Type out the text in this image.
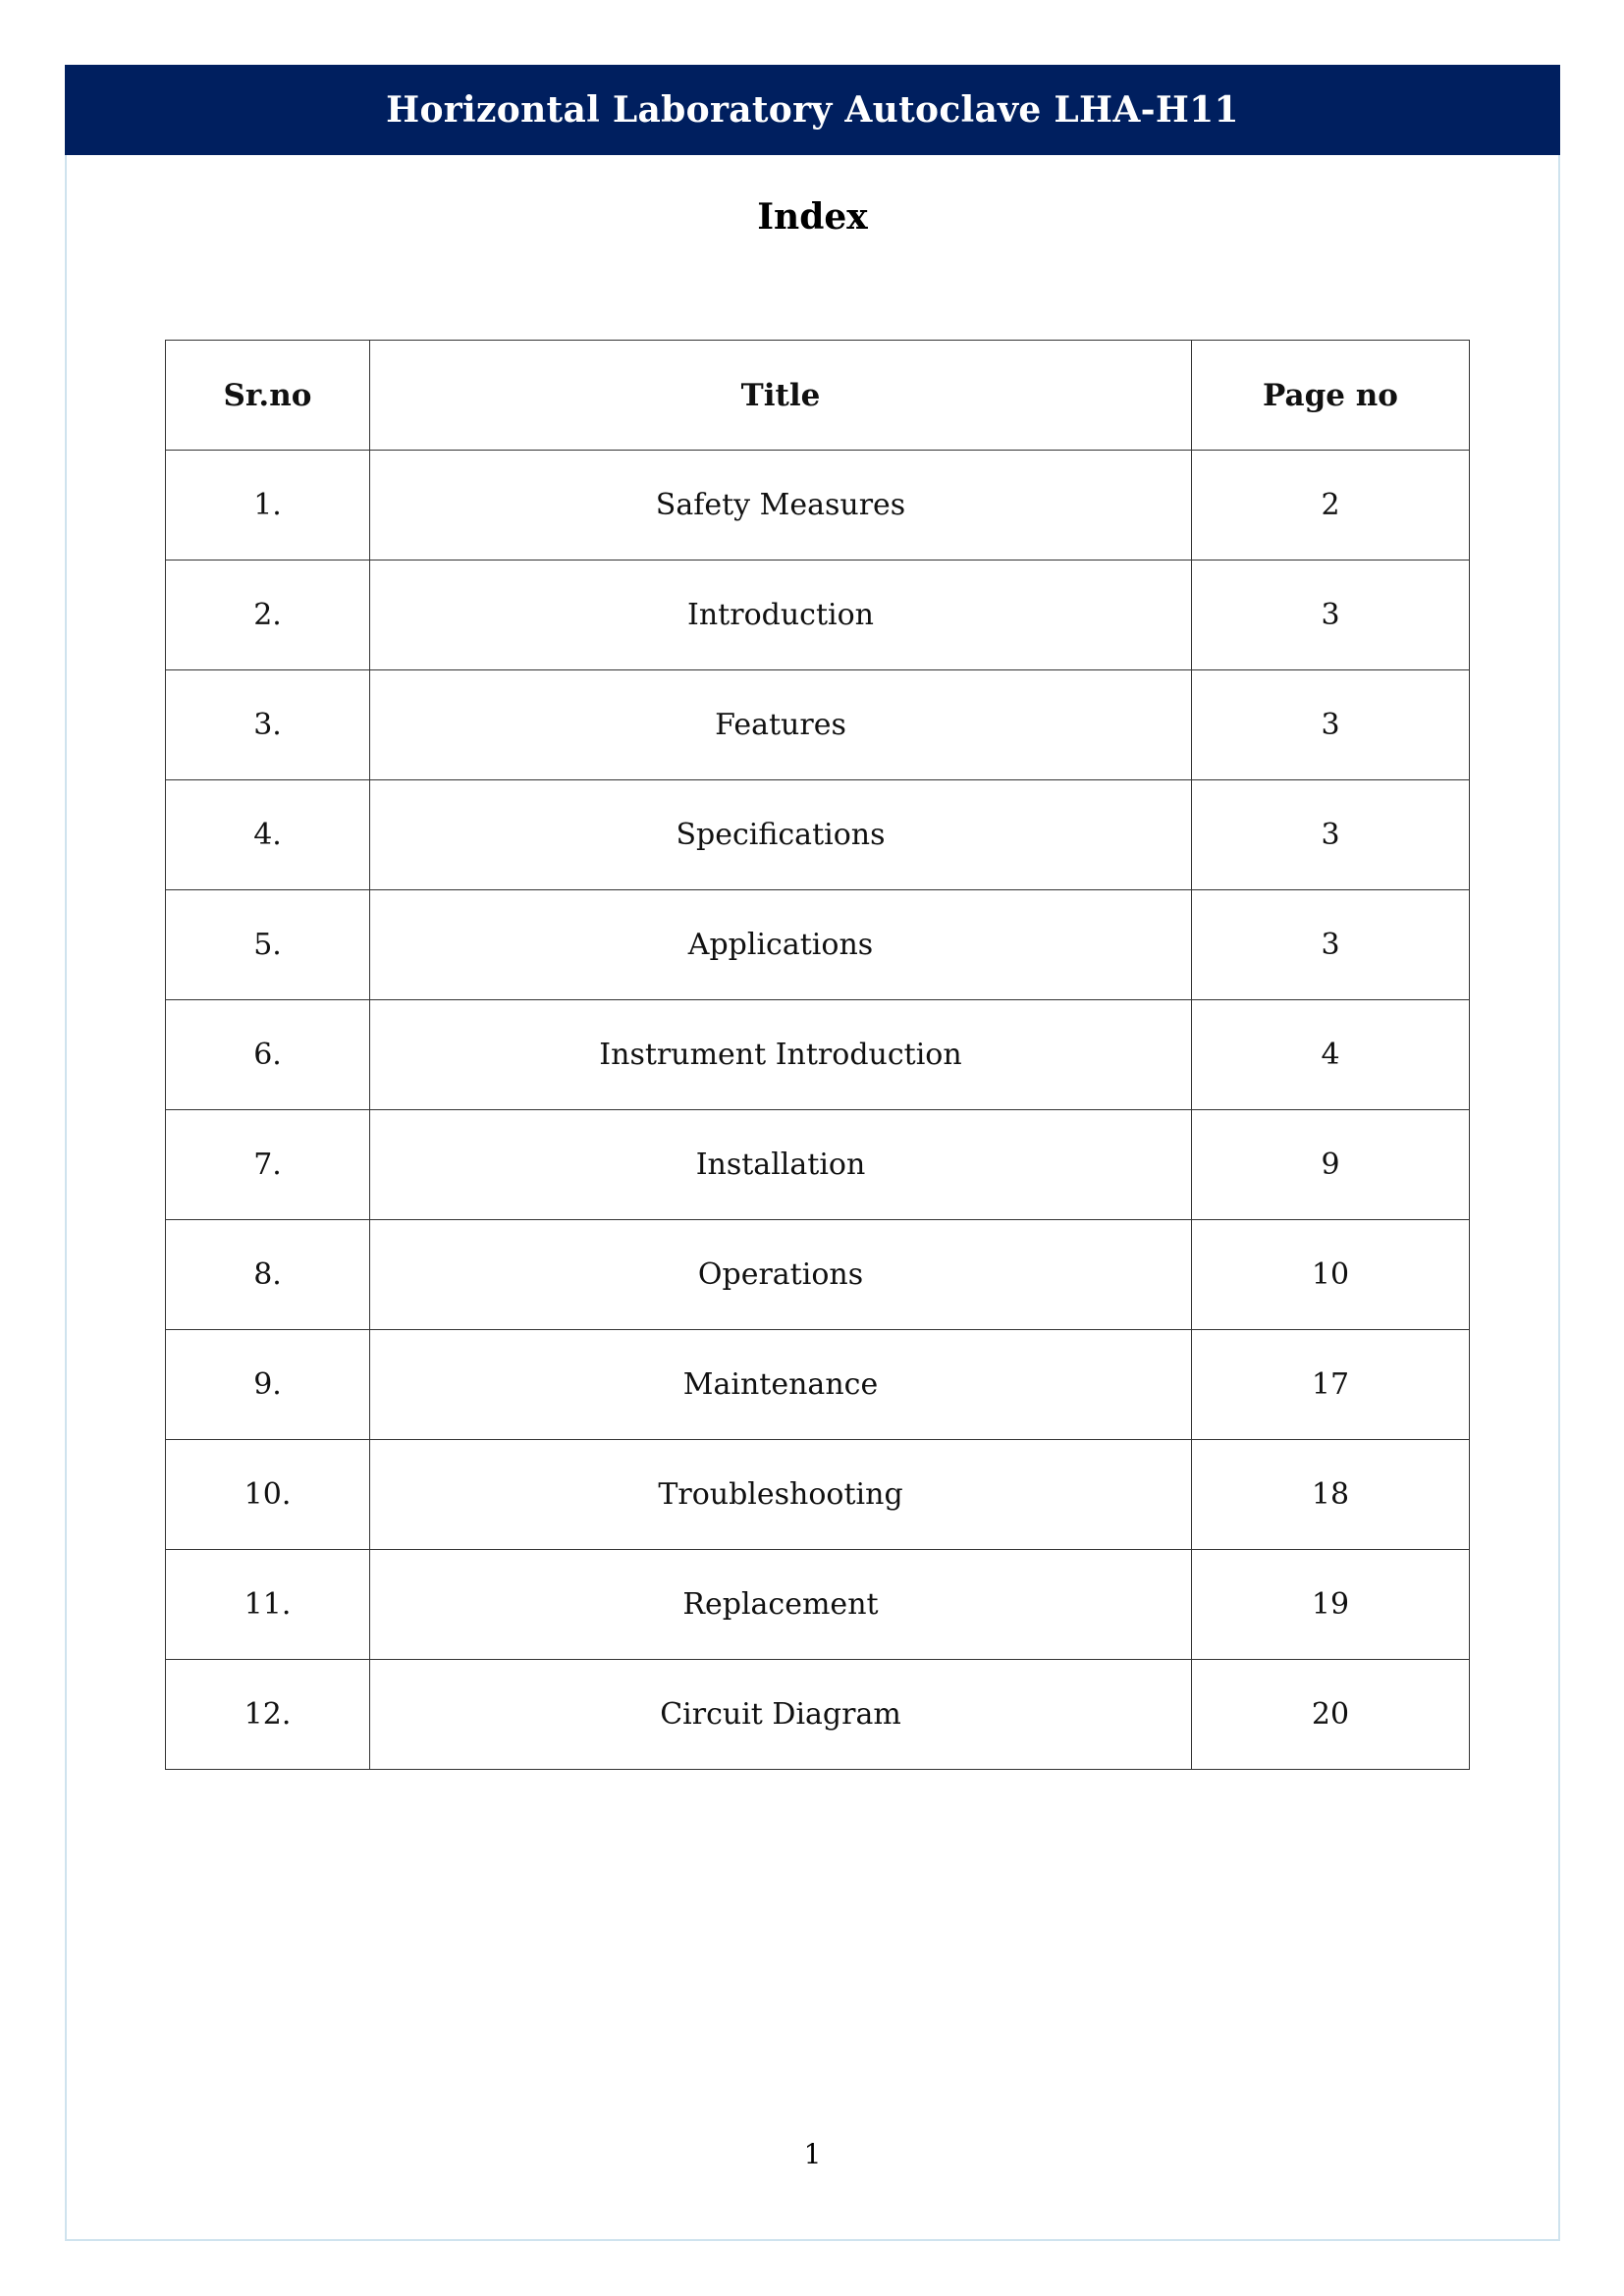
Horizontal Laboratory Autoclave LHA-H11
Index
Sr.no	Title	Page no
1.	Safety Measures	2
2.	Introduction	3
3.	Features	3
4.	Specifications	3
5.	Applications	3
6.	Instrument Introduction	4
7.	Installation	9
8.	Operations	10
9.	Maintenance	17
10.	Troubleshooting	18
11.	Replacement	19
12.	Circuit Diagram	20
1
